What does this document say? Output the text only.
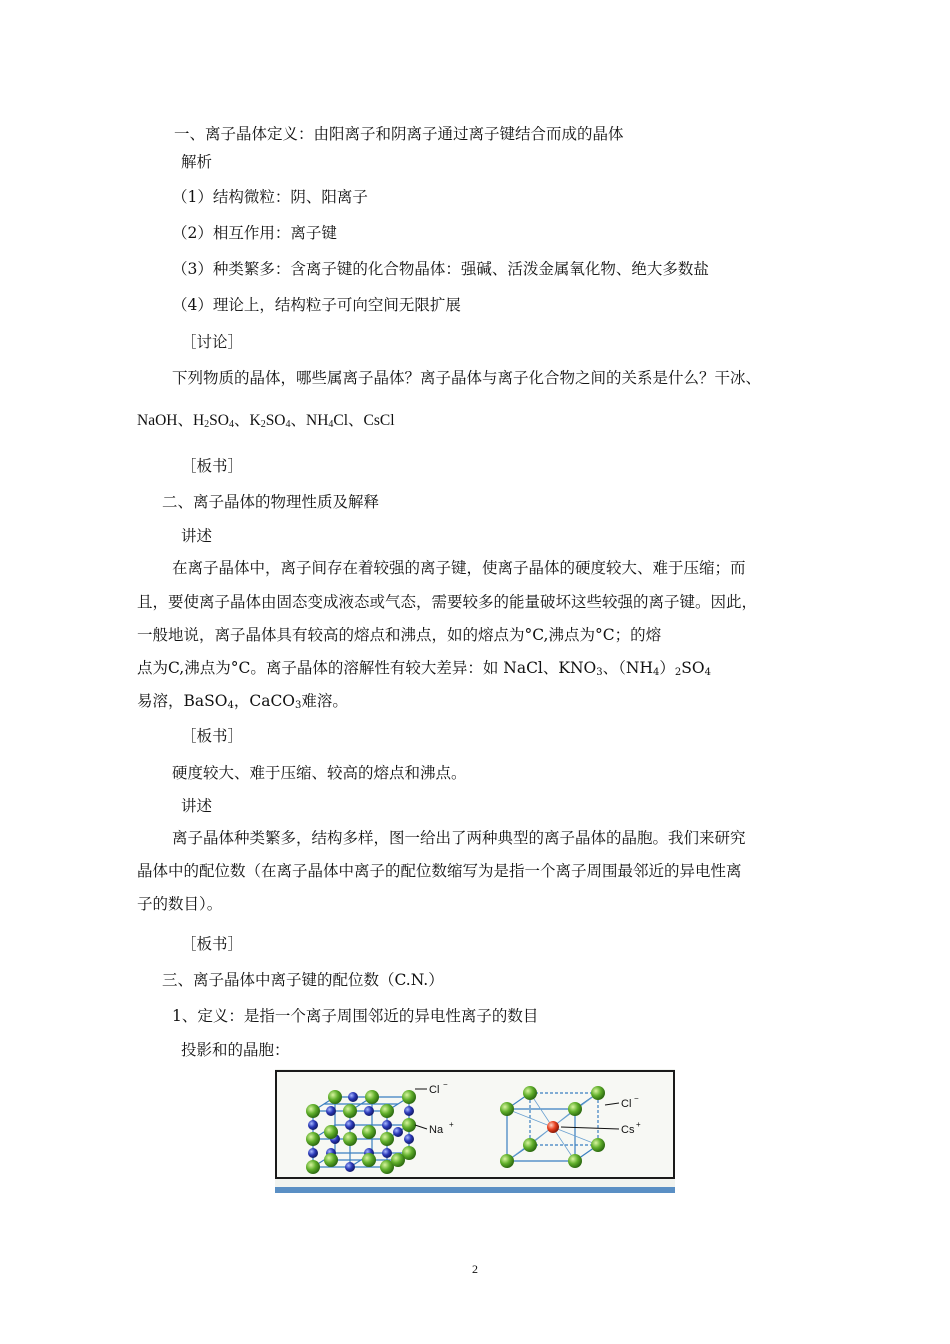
一、离子晶体定义：由阳离子和阴离子通过离子键结合而成的晶体
解析
（1）结构微粒：阴、阳离子
（2）相互作用：离子键
（3）种类繁多：含离子键的化合物晶体：强碱、活泼金属氧化物、绝大多数盐
（4）理论上，结构粒子可向空间无限扩展
［讨论］
下列物质的晶体，哪些属离子晶体？离子晶体与离子化合物之间的关系是什么？干冰、
NaOH、$H_2SO_4$、$K_2SO_4$、$NH_4Cl$、CsCl
［板书］
二、离子晶体的物理性质及解释
讲述
在离子晶体中，离子间存在着较强的离子键，使离子晶体的硬度较大、难于压缩；而
且，要使离子晶体由固态变成液态或气态，需要较多的能量破坏这些较强的离子键。因此，
一般地说，离子晶体具有较高的熔点和沸点，如的熔点为°C,沸点为°C；的熔
点为C,沸点为°C。离子晶体的溶解性有较大差异：如 NaCl、$KNO_3$、$(NH_4)_2SO_4$
易溶，BaSO$_4$，CaCO$_3$难溶。
［板书］
硬度较大、难于压缩、较高的熔点和沸点。
讲述
离子晶体种类繁多，结构多样，图一给出了两种典型的离子晶体的晶胞。我们来研究
晶体中的配位数（在离子晶体中离子的配位数缩写为是指一个离子周围最邻近的异电性离
子的数目）。
［板书］
三、离子晶体中离子键的配位数（C.N.）
1、定义：是指一个离子周围邻近的异电性离子的数目
投影和的晶胞：
Cl
Na
−
+
Cl −
Cs +
2
